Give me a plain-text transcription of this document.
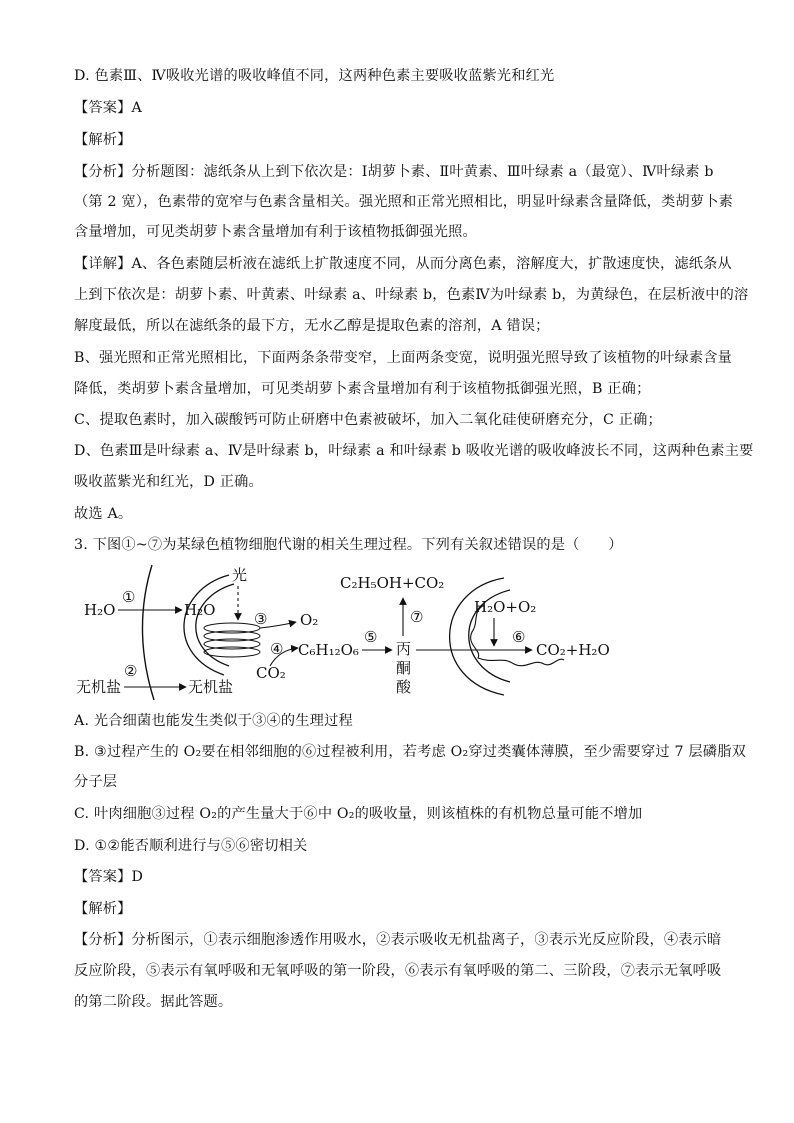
D. 色素Ⅲ、Ⅳ吸收光谱的吸收峰值不同，这两种色素主要吸收蓝紫光和红光
【答案】A
【解析】
【分析】分析题图：滤纸条从上到下依次是：Ⅰ胡萝卜素、Ⅱ叶黄素、Ⅲ叶绿素 a（最宽）、Ⅳ叶绿素 b
（第 2 宽），色素带的宽窄与色素含量相关。强光照和正常光照相比，明显叶绿素含量降低，类胡萝卜素
含量增加，可见类胡萝卜素含量增加有利于该植物抵御强光照。
【详解】A、各色素随层析液在滤纸上扩散速度不同，从而分离色素，溶解度大，扩散速度快，滤纸条从
上到下依次是：胡萝卜素、叶黄素、叶绿素 a、叶绿素 b，色素Ⅳ为叶绿素 b，为黄绿色，在层析液中的溶
解度最低，所以在滤纸条的最下方，无水乙醇是提取色素的溶剂，A 错误；
B、强光照和正常光照相比，下面两条条带变窄，上面两条变宽，说明强光照导致了该植物的叶绿素含量
降低，类胡萝卜素含量增加，可见类胡萝卜素含量增加有利于该植物抵御强光照，B 正确；
C、提取色素时，加入碳酸钙可防止研磨中色素被破坏，加入二氧化硅使研磨充分，C 正确；
D、色素Ⅲ是叶绿素 a、Ⅳ是叶绿素 b，叶绿素 a 和叶绿素 b 吸收光谱的吸收峰波长不同，这两种色素主要
吸收蓝紫光和红光，D 正确。
故选 A。
3. 下图①~⑦为某绿色植物细胞代谢的相关生理过程。下列有关叙述错误的是（　　）
光
H₂O
①
H₂O
无机盐
②
无机盐
③ O₂
④
CO₂
C₆H₁₂O₆
⑤
丙
酮
酸
C₂H₅OH+CO₂
⑦
H₂O+O₂
⑥
CO₂+H₂O
A. 光合细菌也能发生类似于③④的生理过程
B. ③过程产生的 O₂要在相邻细胞的⑥过程被利用，若考虑 O₂穿过类囊体薄膜，至少需要穿过 7 层磷脂双
分子层
C. 叶肉细胞③过程 O₂的产生量大于⑥中 O₂的吸收量，则该植株的有机物总量可能不增加
D. ①②能否顺利进行与⑤⑥密切相关
【答案】D
【解析】
【分析】分析图示，①表示细胞渗透作用吸水，②表示吸收无机盐离子，③表示光反应阶段，④表示暗
反应阶段，⑤表示有氧呼吸和无氧呼吸的第一阶段，⑥表示有氧呼吸的第二、三阶段，⑦表示无氧呼吸
的第二阶段。据此答题。
